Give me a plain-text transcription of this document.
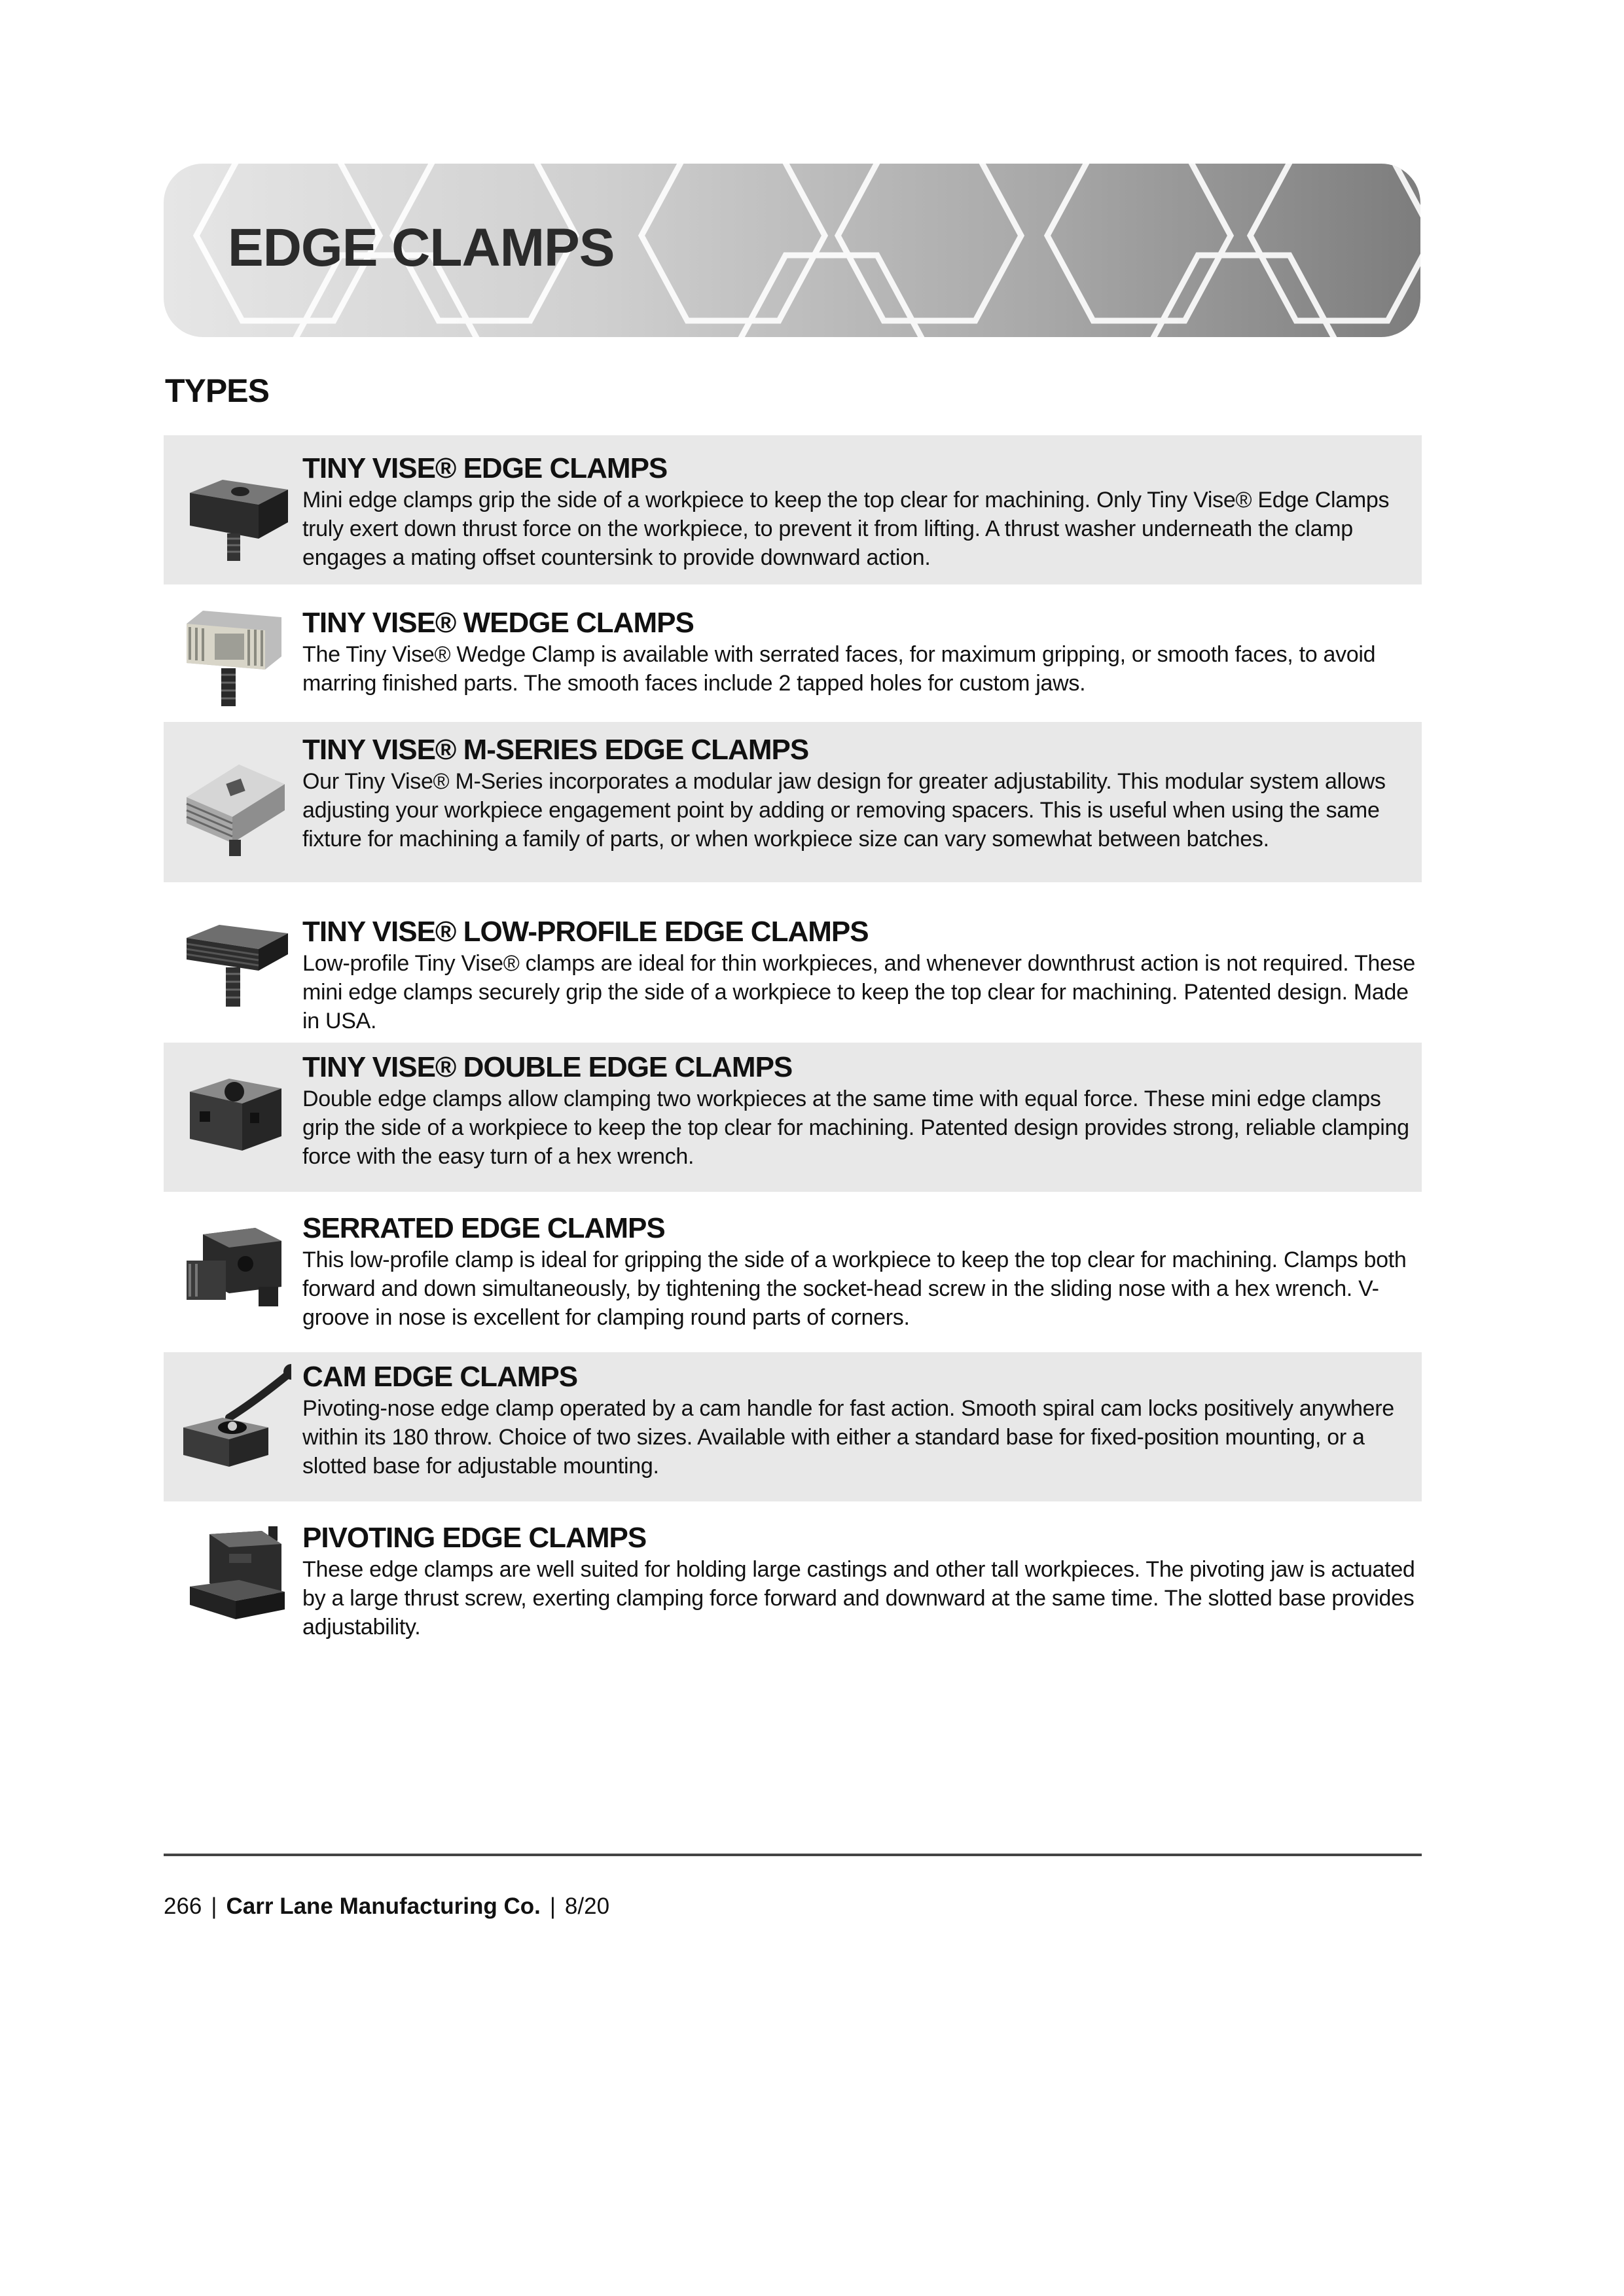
EDGE CLAMPS
TYPES
TINY VISE® EDGE CLAMPS

Mini edge clamps grip the side of a workpiece to keep the top clear for machining. Only Tiny Vise® Edge Clamps truly exert down thrust force on the workpiece, to prevent it from lifting. A thrust washer underneath the clamp engages a mating offset countersink to provide downward action.

TINY VISE® WEDGE CLAMPS

The Tiny Vise® Wedge Clamp is available with serrated faces, for maximum gripping, or smooth faces, to avoid marring finished parts. The smooth faces include 2 tapped holes for custom jaws.

TINY VISE® M-SERIES EDGE CLAMPS

Our Tiny Vise® M-Series incorporates a modular jaw design for greater adjustability. This modular system allows adjusting your workpiece engagement point by adding or removing spacers. This is useful when using the same fixture for machining a family of parts, or when workpiece size can vary somewhat between batches.

TINY VISE® LOW-PROFILE EDGE CLAMPS

Low-profile Tiny Vise® clamps are ideal for thin workpieces, and whenever downthrust action is not required. These mini edge clamps securely grip the side of a workpiece to keep the top clear for machining. Patented design. Made in USA.

TINY VISE® DOUBLE EDGE CLAMPS

Double edge clamps allow clamping two workpieces at the same time with equal force. These mini edge clamps grip the side of a workpiece to keep the top clear for machining. Patented design provides strong, reliable clamping force with the easy turn of a hex wrench.

SERRATED EDGE CLAMPS

This low-profile clamp is ideal for gripping the side of a workpiece to keep the top clear for machining. Clamps both forward and down simultaneously, by tightening the socket-head screw in the sliding nose with a hex wrench. V-groove in nose is excellent for clamping round parts of corners.

CAM EDGE CLAMPS

Pivoting-nose edge clamp operated by a cam handle for fast action. Smooth spiral cam locks positively anywhere within its 180 throw. Choice of two sizes. Available with either a standard base for fixed-position mounting, or a slotted base for adjustable mounting.

PIVOTING EDGE CLAMPS

These edge clamps are well suited for holding large castings and other tall workpieces. The pivoting jaw is actuated by a large thrust screw, exerting clamping force forward and downward at the same time. The slotted base provides adjustability.

266 | Carr Lane Manufacturing Co. | 8/20
